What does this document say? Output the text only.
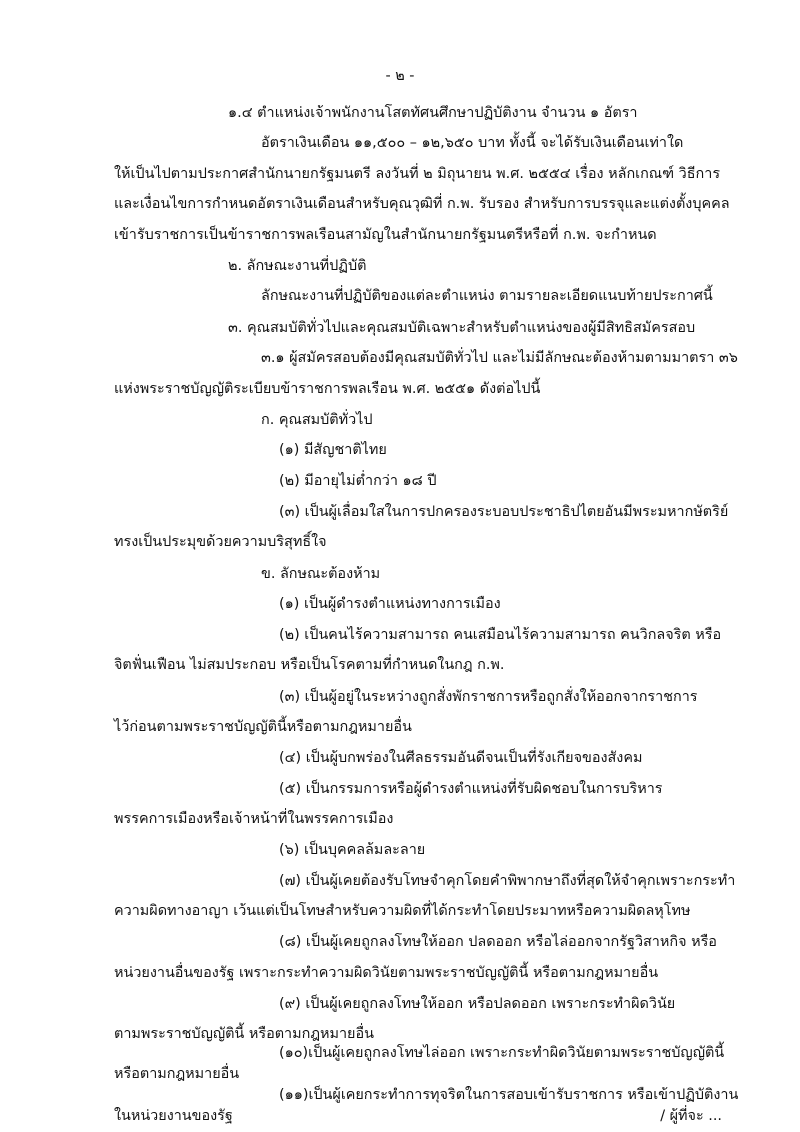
- ๒ -

๑.๔ ตำแหน่งเจ้าพนักงานโสตทัศนศึกษาปฏิบัติงาน จำนวน ๑ อัตรา

อัตราเงินเดือน ๑๑,๕๐๐ – ๑๒,๖๕๐ บาท ทั้งนี้ จะได้รับเงินเดือนเท่าใด

ให้เป็นไปตามประกาศสำนักนายกรัฐมนตรี ลงวันที่ ๒ มิถุนายน พ.ศ. ๒๕๕๔ เรื่อง หลักเกณฑ์ วิธีการ

และเงื่อนไขการกำหนดอัตราเงินเดือนสำหรับคุณวุฒิที่ ก.พ. รับรอง สำหรับการบรรจุและแต่งตั้งบุคคล

เข้ารับราชการเป็นข้าราชการพลเรือนสามัญในสำนักนายกรัฐมนตรีหรือที่ ก.พ. จะกำหนด

๒. ลักษณะงานที่ปฏิบัติ

ลักษณะงานที่ปฏิบัติของแต่ละตำแหน่ง ตามรายละเอียดแนบท้ายประกาศนี้

๓. คุณสมบัติทั่วไปและคุณสมบัติเฉพาะสำหรับตำแหน่งของผู้มีสิทธิสมัครสอบ

๓.๑ ผู้สมัครสอบต้องมีคุณสมบัติทั่วไป และไม่มีลักษณะต้องห้ามตามมาตรา ๓๖

แห่งพระราชบัญญัติระเบียบข้าราชการพลเรือน พ.ศ. ๒๕๕๑ ดังต่อไปนี้

ก. คุณสมบัติทั่วไป

(๑) มีสัญชาติไทย

(๒) มีอายุไม่ต่ำกว่า ๑๘ ปี

(๓) เป็นผู้เลื่อมใสในการปกครองระบอบประชาธิปไตยอันมีพระมหากษัตริย์

ทรงเป็นประมุขด้วยความบริสุทธิ์ใจ

ข. ลักษณะต้องห้าม

(๑) เป็นผู้ดำรงตำแหน่งทางการเมือง

(๒) เป็นคนไร้ความสามารถ คนเสมือนไร้ความสามารถ คนวิกลจริต หรือ

จิตฟั่นเฟือน ไม่สมประกอบ หรือเป็นโรคตามที่กำหนดในกฎ ก.พ.

(๓) เป็นผู้อยู่ในระหว่างถูกสั่งพักราชการหรือถูกสั่งให้ออกจากราชการ

ไว้ก่อนตามพระราชบัญญัตินี้หรือตามกฎหมายอื่น

(๔) เป็นผู้บกพร่องในศีลธรรมอันดีจนเป็นที่รังเกียจของสังคม

(๕) เป็นกรรมการหรือผู้ดำรงตำแหน่งที่รับผิดชอบในการบริหาร

พรรคการเมืองหรือเจ้าหน้าที่ในพรรคการเมือง

(๖) เป็นบุคคลล้มละลาย

(๗) เป็นผู้เคยต้องรับโทษจำคุกโดยคำพิพากษาถึงที่สุดให้จำคุกเพราะกระทำ

ความผิดทางอาญา เว้นแต่เป็นโทษสำหรับความผิดที่ได้กระทำโดยประมาทหรือความผิดลหุโทษ

(๘) เป็นผู้เคยถูกลงโทษให้ออก ปลดออก หรือไล่ออกจากรัฐวิสาหกิจ หรือ

หน่วยงานอื่นของรัฐ เพราะกระทำความผิดวินัยตามพระราชบัญญัตินี้ หรือตามกฎหมายอื่น

(๙) เป็นผู้เคยถูกลงโทษให้ออก หรือปลดออก เพราะกระทำผิดวินัย

ตามพระราชบัญญัตินี้ หรือตามกฎหมายอื่น

(๑๐)เป็นผู้เคยถูกลงโทษไล่ออก เพราะกระทำผิดวินัยตามพระราชบัญญัตินี้

หรือตามกฎหมายอื่น

(๑๑)เป็นผู้เคยกระทำการทุจริตในการสอบเข้ารับราชการ หรือเข้าปฏิบัติงาน

ในหน่วยงานของรัฐ	/ ผู้ที่จะ ...
